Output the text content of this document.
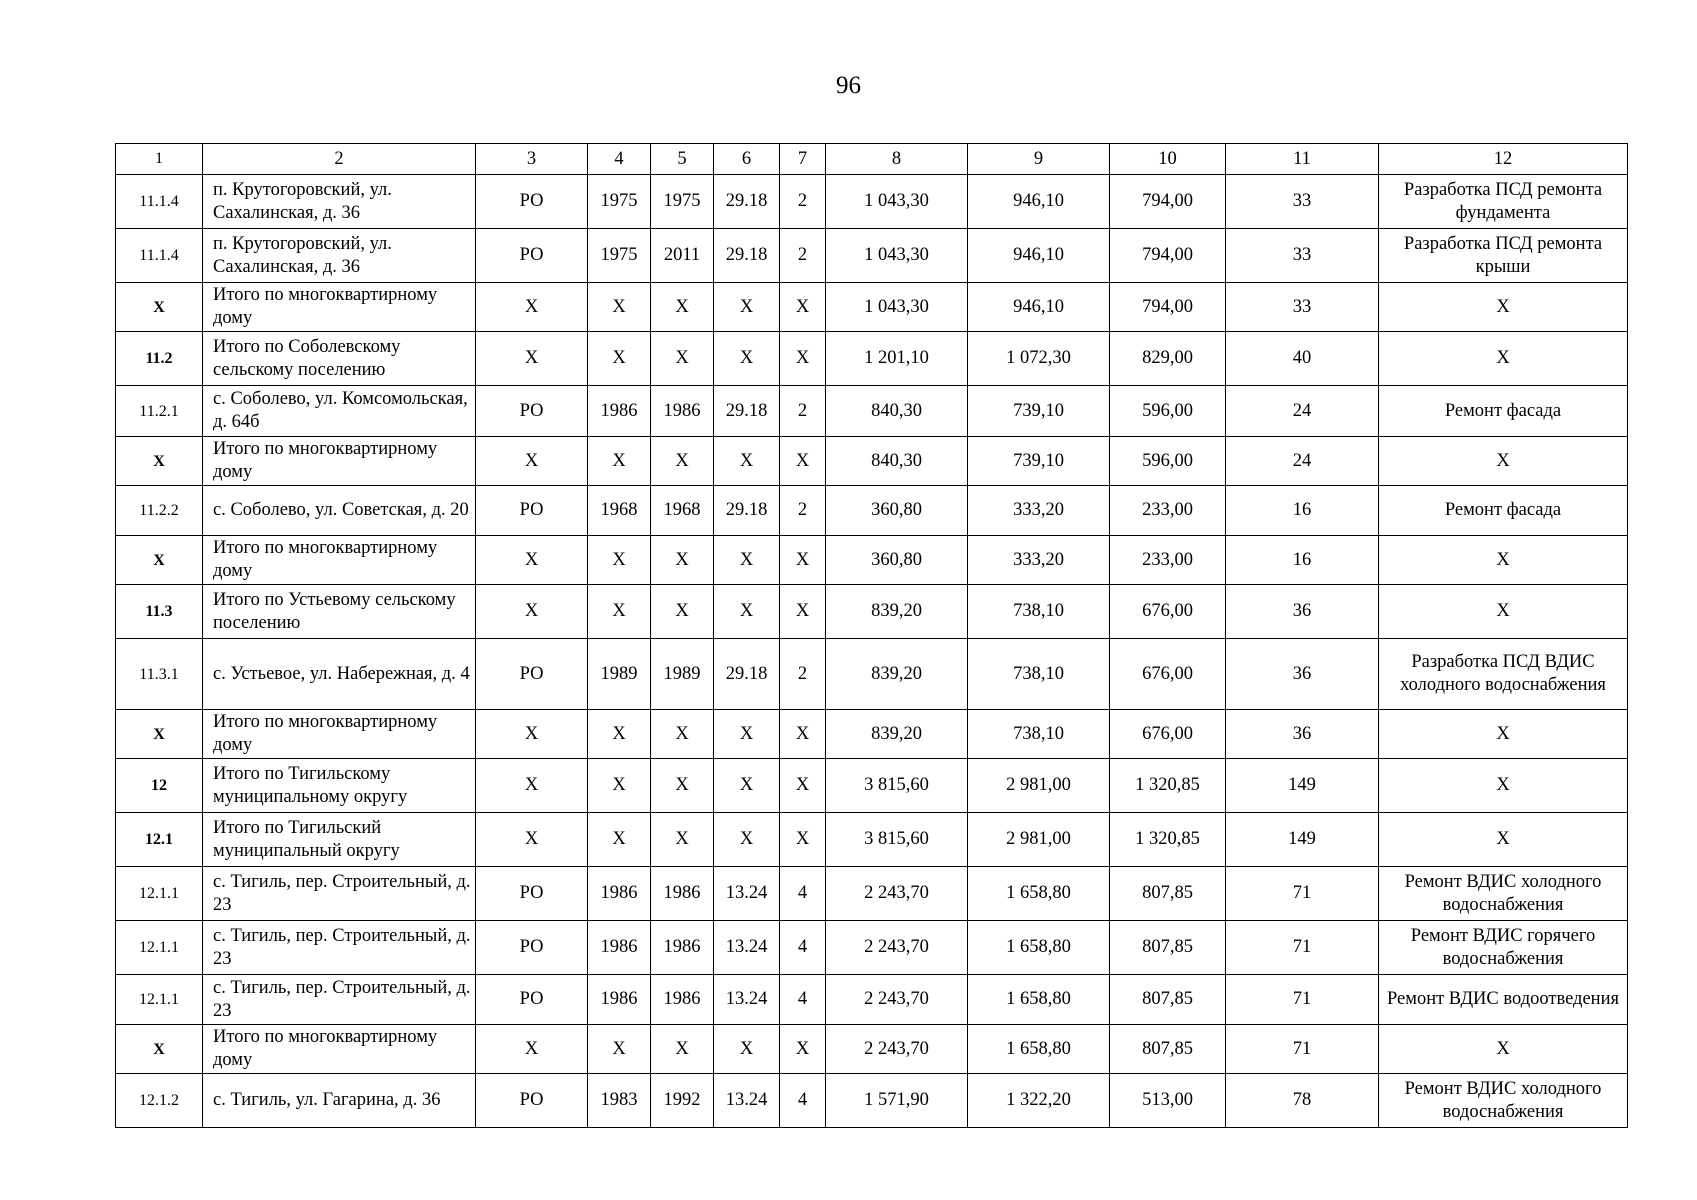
96
1	2	3	4	5	6	7	8	9	10	11	12
11.1.4	п. Крутогоровский, ул. Сахалинская, д. 36	РО	1975	1975	29.18	2	1 043,30	946,10	794,00	33	Разработка ПСД ремонта фундамента
11.1.4	п. Крутогоровский, ул. Сахалинская, д. 36	РО	1975	2011	29.18	2	1 043,30	946,10	794,00	33	Разработка ПСД ремонта крыши
Х	Итого по многоквартирному дому	Х	Х	Х	Х	Х	1 043,30	946,10	794,00	33	Х
11.2	Итого по Соболевскому сельскому поселению	Х	Х	Х	Х	Х	1 201,10	1 072,30	829,00	40	Х
11.2.1	с. Соболево, ул. Комсомольская, д. 64б	РО	1986	1986	29.18	2	840,30	739,10	596,00	24	Ремонт фасада
Х	Итого по многоквартирному дому	Х	Х	Х	Х	Х	840,30	739,10	596,00	24	Х
11.2.2	с. Соболево, ул. Советская, д. 20	РО	1968	1968	29.18	2	360,80	333,20	233,00	16	Ремонт фасада
Х	Итого по многоквартирному дому	Х	Х	Х	Х	Х	360,80	333,20	233,00	16	Х
11.3	Итого по Устьевому сельскому поселению	Х	Х	Х	Х	Х	839,20	738,10	676,00	36	Х
11.3.1	с. Устьевое, ул. Набережная, д. 4	РО	1989	1989	29.18	2	839,20	738,10	676,00	36	Разработка ПСД ВДИС холодного водоснабжения
Х	Итого по многоквартирному дому	Х	Х	Х	Х	Х	839,20	738,10	676,00	36	Х
12	Итого по Тигильскому муниципальному округу	Х	Х	Х	Х	Х	3 815,60	2 981,00	1 320,85	149	Х
12.1	Итого по Тигильский муниципальный округу	Х	Х	Х	Х	Х	3 815,60	2 981,00	1 320,85	149	Х
12.1.1	с. Тигиль, пер. Строительный, д. 23	РО	1986	1986	13.24	4	2 243,70	1 658,80	807,85	71	Ремонт ВДИС холодного водоснабжения
12.1.1	с. Тигиль, пер. Строительный, д. 23	РО	1986	1986	13.24	4	2 243,70	1 658,80	807,85	71	Ремонт ВДИС горячего водоснабжения
12.1.1	с. Тигиль, пер. Строительный, д. 23	РО	1986	1986	13.24	4	2 243,70	1 658,80	807,85	71	Ремонт ВДИС водоотведения
Х	Итого по многоквартирному дому	Х	Х	Х	Х	Х	2 243,70	1 658,80	807,85	71	Х
12.1.2	с. Тигиль, ул. Гагарина, д. 36	РО	1983	1992	13.24	4	1 571,90	1 322,20	513,00	78	Ремонт ВДИС холодного водоснабжения
